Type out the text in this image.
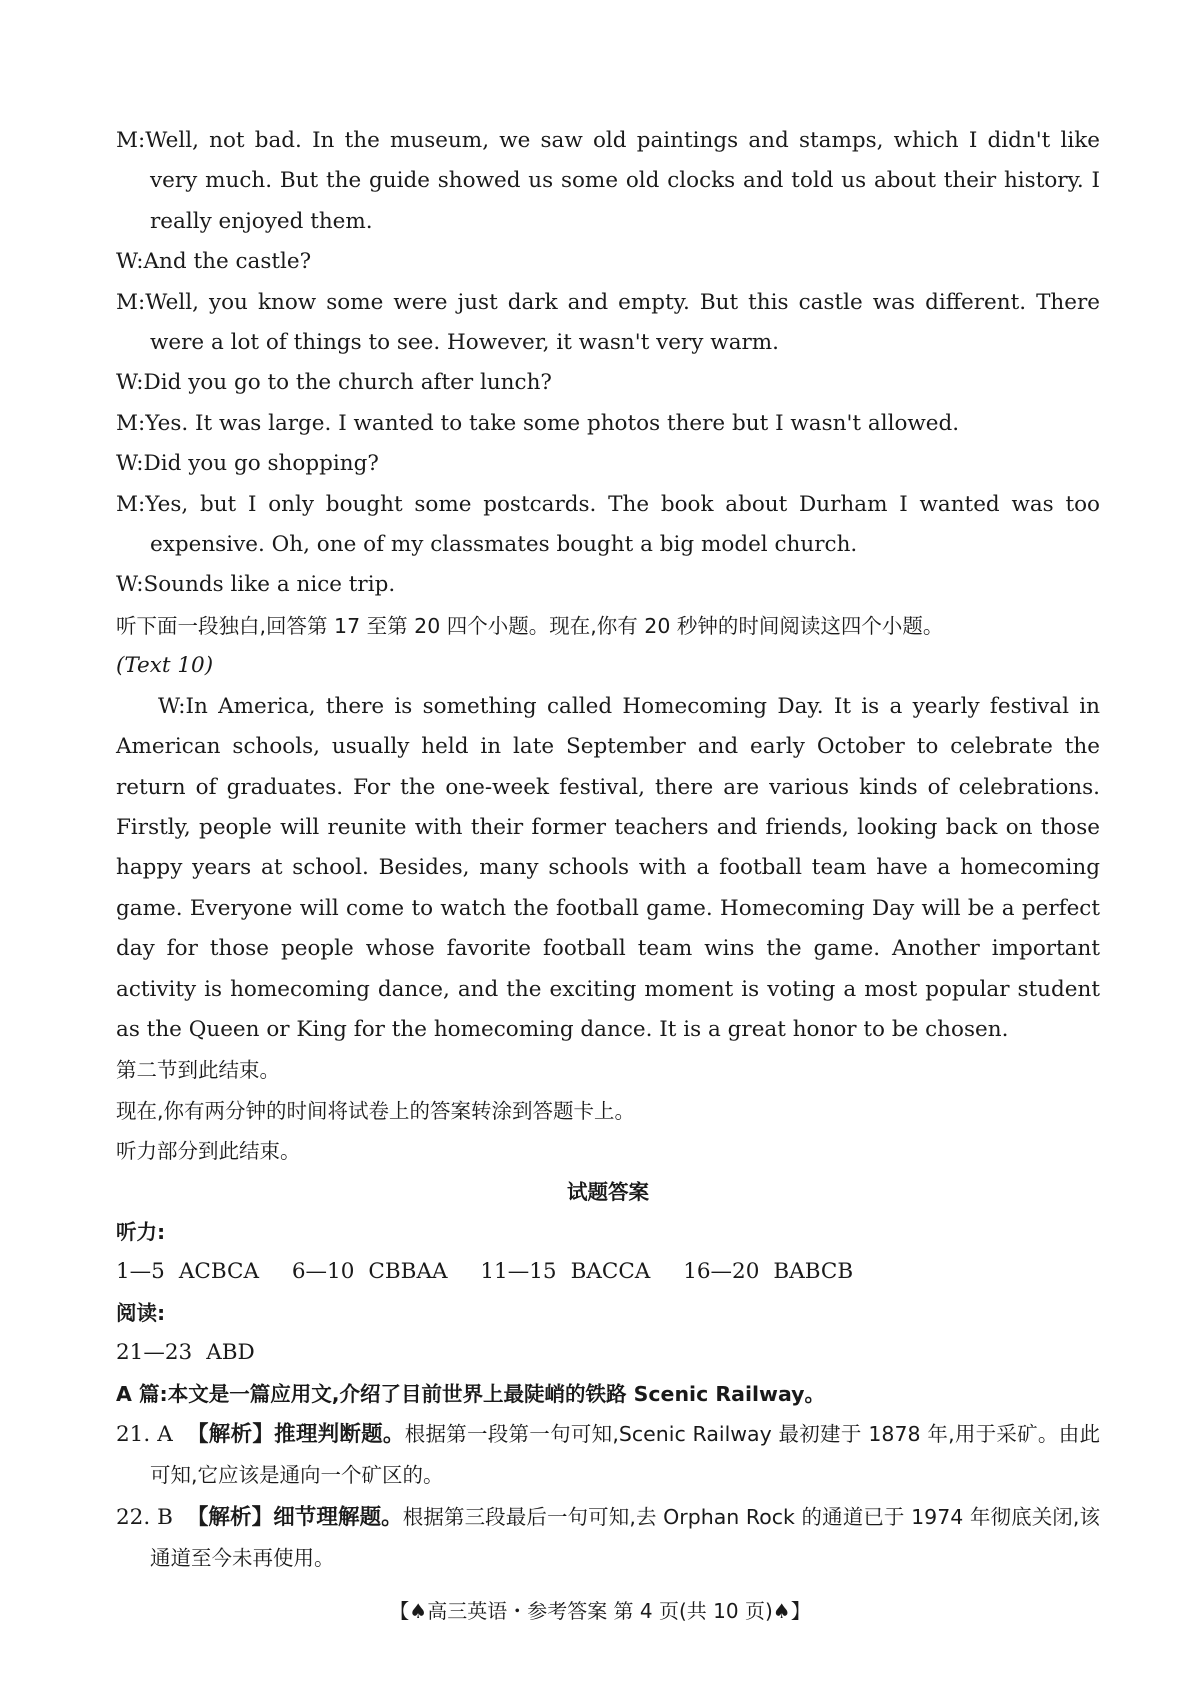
M:Well, not bad. In the museum, we saw old paintings and stamps, which I didn't like very much. But the guide showed us some old clocks and told us about their history. I really enjoyed them.

W:And the castle?

M:Well, you know some were just dark and empty. But this castle was different. There were a lot of things to see. However, it wasn't very warm.

W:Did you go to the church after lunch?

M:Yes. It was large. I wanted to take some photos there but I wasn't allowed.

W:Did you go shopping?

M:Yes, but I only bought some postcards. The book about Durham I wanted was too expensive. Oh, one of my classmates bought a big model church.

W:Sounds like a nice trip.

听下面一段独白,回答第 17 至第 20 四个小题。现在,你有 20 秒钟的时间阅读这四个小题。

(Text 10)

W:In America, there is something called Homecoming Day. It is a yearly festival in American schools, usually held in late September and early October to celebrate the return of graduates. For the one-week festival, there are various kinds of celebrations. Firstly, people will reunite with their former teachers and friends, looking back on those happy years at school. Besides, many schools with a football team have a homecoming game. Everyone will come to watch the football game. Homecoming Day will be a perfect day for those people whose favorite football team wins the game. Another important activity is homecoming dance, and the exciting moment is voting a most popular student as the Queen or King for the homecoming dance. It is a great honor to be chosen.

第二节到此结束。

现在,你有两分钟的时间将试卷上的答案转涂到答题卡上。

听力部分到此结束。

试题答案

听力:

1—5 ACBCA 6—10 CBBAA 11—15 BACCA 16—20 BABCB

阅读:

21—23 ABD

A 篇:本文是一篇应用文,介绍了目前世界上最陡峭的铁路 Scenic Railway。

21. A 【解析】推理判断题。根据第一段第一句可知,Scenic Railway 最初建于 1878 年,用于采矿。由此可知,它应该是通向一个矿区的。

22. B 【解析】细节理解题。根据第三段最后一句可知,去 Orphan Rock 的通道已于 1974 年彻底关闭,该通道至今未再使用。

【♠高三英语・参考答案 第 4 页(共 10 页)♠】
